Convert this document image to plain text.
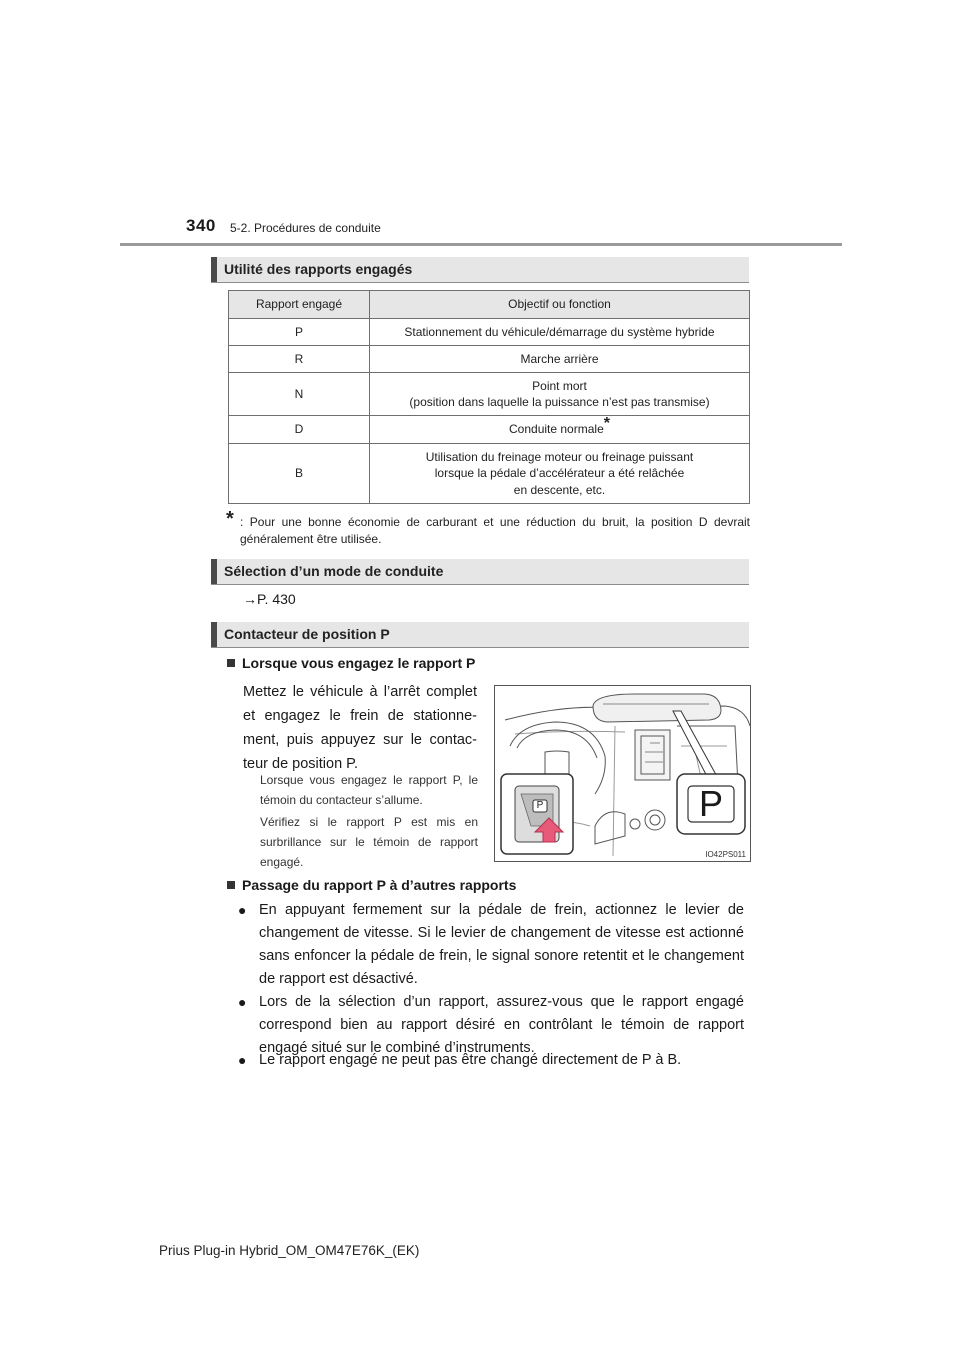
340 5-2. Procédures de conduite
Utilité des rapports engagés
Rapport engagé	Objectif ou fonction
P	Stationnement du véhicule/démarrage du système hybride
R	Marche arrière
N	Point mort
(position dans laquelle la puissance n’est pas transmise)
D	Conduite normale*
B	Utilisation du freinage moteur ou freinage puissant
lorsque la pédale d’accélérateur a été relâchée
en descente, etc.
* : Pour une bonne économie de carburant et une réduction du bruit, la position D devrait généralement être utilisée.
Sélection d’un mode de conduite
→P. 430
Contacteur de position P
Lorsque vous engagez le rapport P
Mettez le véhicule à l’arrêt complet et engagez le frein de stationne- ment, puis appuyez sur le contac- teur de position P.
Lorsque vous engagez le rapport P, le témoin du contacteur s’allume.
Vérifiez si le rapport P est mis en surbrillance sur le témoin de rapport engagé.
P	P
IO42PS011
Passage du rapport P à d’autres rapports
● En appuyant fermement sur la pédale de frein, actionnez le levier de changement de vitesse. Si le levier de changement de vitesse est actionné sans enfoncer la pédale de frein, le signal sonore retentit et le changement de rapport est désactivé.
● Lors de la sélection d’un rapport, assurez-vous que le rapport engagé correspond bien au rapport désiré en contrôlant le témoin de rapport engagé situé sur le combiné d’instruments.
● Le rapport engagé ne peut pas être changé directement de P à B.
Prius Plug-in Hybrid_OM_OM47E76K_(EK)
